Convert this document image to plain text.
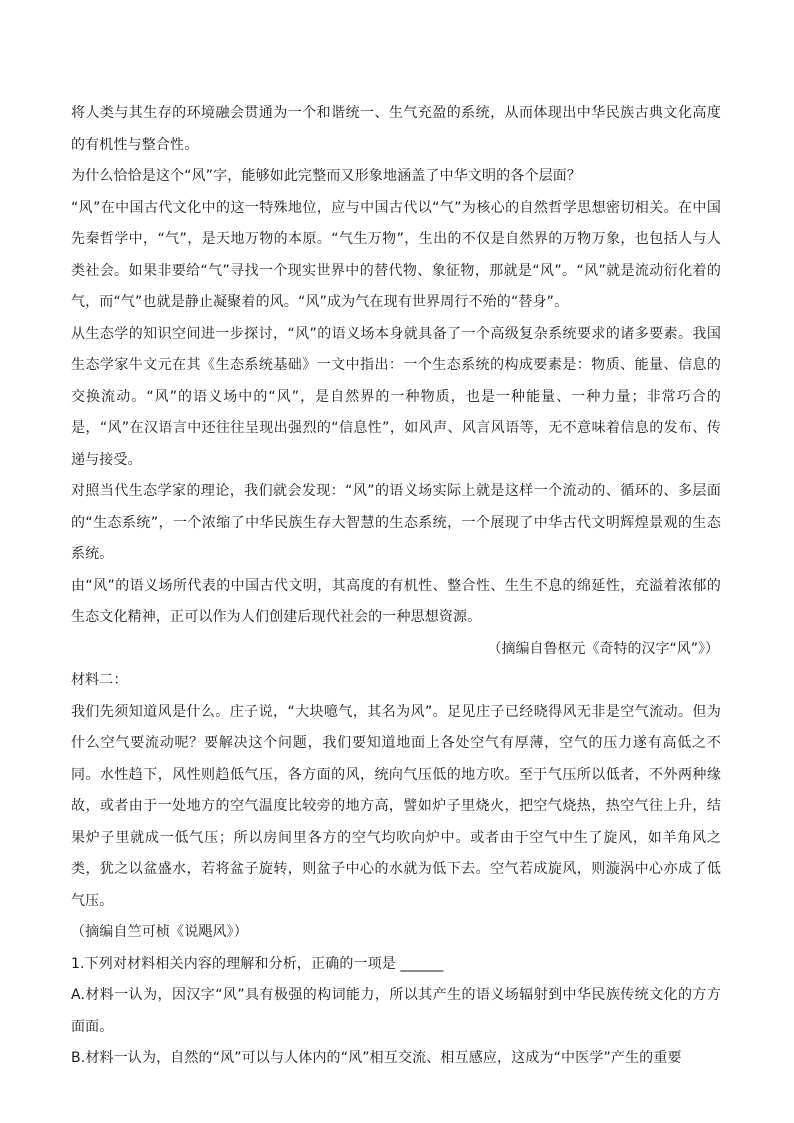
将人类与其生存的环境融会贯通为一个和谐统一、生气充盈的系统，从而体现出中华民族古典文化高度的有机性与整合性。

为什么恰恰是这个“风”字，能够如此完整而又形象地涵盖了中华文明的各个层面？

“风”在中国古代文化中的这一特殊地位，应与中国古代以“气”为核心的自然哲学思想密切相关。在中国先秦哲学中，“气”，是天地万物的本原。“气生万物”，生出的不仅是自然界的万物万象，也包括人与人类社会。如果非要给“气”寻找一个现实世界中的替代物、象征物，那就是“风”。“风”就是流动衍化着的气，而“气”也就是静止凝聚着的风。“风”成为气在现有世界周行不殆的“替身”。

从生态学的知识空间进一步探讨，“风”的语义场本身就具备了一个高级复杂系统要求的诸多要素。我国生态学家牛文元在其《生态系统基础》一文中指出：一个生态系统的构成要素是：物质、能量、信息的交换流动。“风”的语义场中的“风”，是自然界的一种物质，也是一种能量、一种力量；非常巧合的是，“风”在汉语言中还往往呈现出强烈的“信息性”，如风声、风言风语等，无不意味着信息的发布、传递与接受。

对照当代生态学家的理论，我们就会发现：“风”的语义场实际上就是这样一个流动的、循环的、多层面的“生态系统”，一个浓缩了中华民族生存大智慧的生态系统，一个展现了中华古代文明辉煌景观的生态系统。

由“风”的语义场所代表的中国古代文明，其高度的有机性、整合性、生生不息的绵延性，充溢着浓郁的生态文化精神，正可以作为人们创建后现代社会的一种思想资源。

（摘编自鲁枢元《奇特的汉字“风”》）

材料二：

我们先须知道风是什么。庄子说，“大块噫气，其名为风”。足见庄子已经晓得风无非是空气流动。但为什么空气要流动呢？要解决这个问题，我们要知道地面上各处空气有厚薄，空气的压力遂有高低之不同。水性趋下，风性则趋低气压，各方面的风，统向气压低的地方吹。至于气压所以低者，不外两种缘故，或者由于一处地方的空气温度比较旁的地方高，譬如炉子里烧火，把空气烧热，热空气往上升，结果炉子里就成一低气压；所以房间里各方的空气均吹向炉中。或者由于空气中生了旋风，如羊角风之类，犹之以盆盛水，若将盆子旋转，则盆子中心的水就为低下去。空气若成旋风，则漩涡中心亦成了低气压。

（摘编自竺可桢《说飓风》）

1.下列对材料相关内容的理解和分析，正确的一项是 ______

A.材料一认为，因汉字“风”具有极强的构词能力，所以其产生的语义场辐射到中华民族传统文化的方方面面。

B.材料一认为，自然的“风”可以与人体内的“风”相互交流、相互感应，这成为“中医学”产生的重要
